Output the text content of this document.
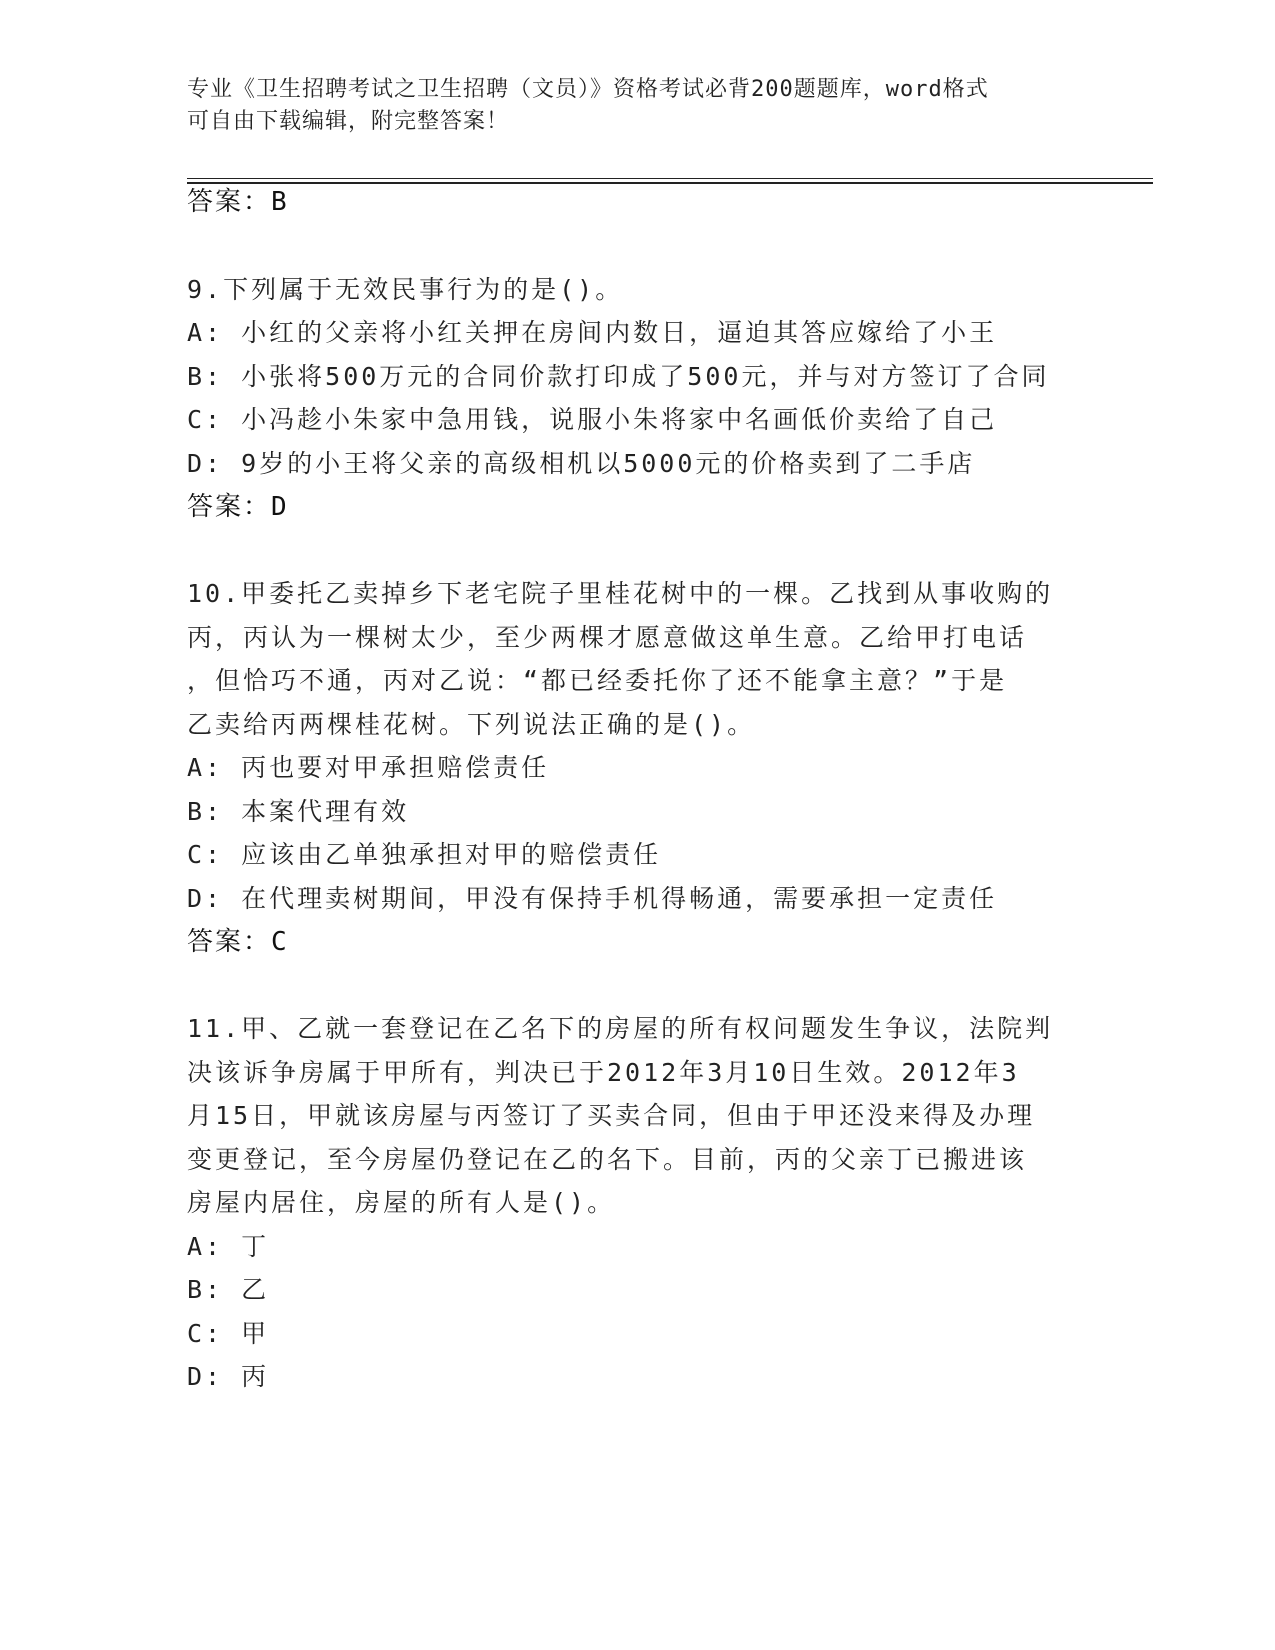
专业《卫生招聘考试之卫生招聘（文员）》资格考试必背200题题库，word格式
可自由下载编辑，附完整答案！
答案：B
9.下列属于无效民事行为的是()。
A: 小红的父亲将小红关押在房间内数日，逼迫其答应嫁给了小王
B: 小张将500万元的合同价款打印成了500元，并与对方签订了合同
C: 小冯趁小朱家中急用钱，说服小朱将家中名画低价卖给了自己
D: 9岁的小王将父亲的高级相机以5000元的价格卖到了二手店
答案：D
10.甲委托乙卖掉乡下老宅院子里桂花树中的一棵。乙找到从事收购的
丙，丙认为一棵树太少，至少两棵才愿意做这单生意。乙给甲打电话
，但恰巧不通，丙对乙说：“都已经委托你了还不能拿主意？”于是
乙卖给丙两棵桂花树。下列说法正确的是()。
A: 丙也要对甲承担赔偿责任
B: 本案代理有效
C: 应该由乙单独承担对甲的赔偿责任
D: 在代理卖树期间，甲没有保持手机得畅通，需要承担一定责任
答案：C
11.甲、乙就一套登记在乙名下的房屋的所有权问题发生争议，法院判
决该诉争房属于甲所有，判决已于2012年3月10日生效。2012年3
月15日，甲就该房屋与丙签订了买卖合同，但由于甲还没来得及办理
变更登记，至今房屋仍登记在乙的名下。目前，丙的父亲丁已搬进该
房屋内居住，房屋的所有人是()。
A: 丁
B: 乙
C: 甲
D: 丙
